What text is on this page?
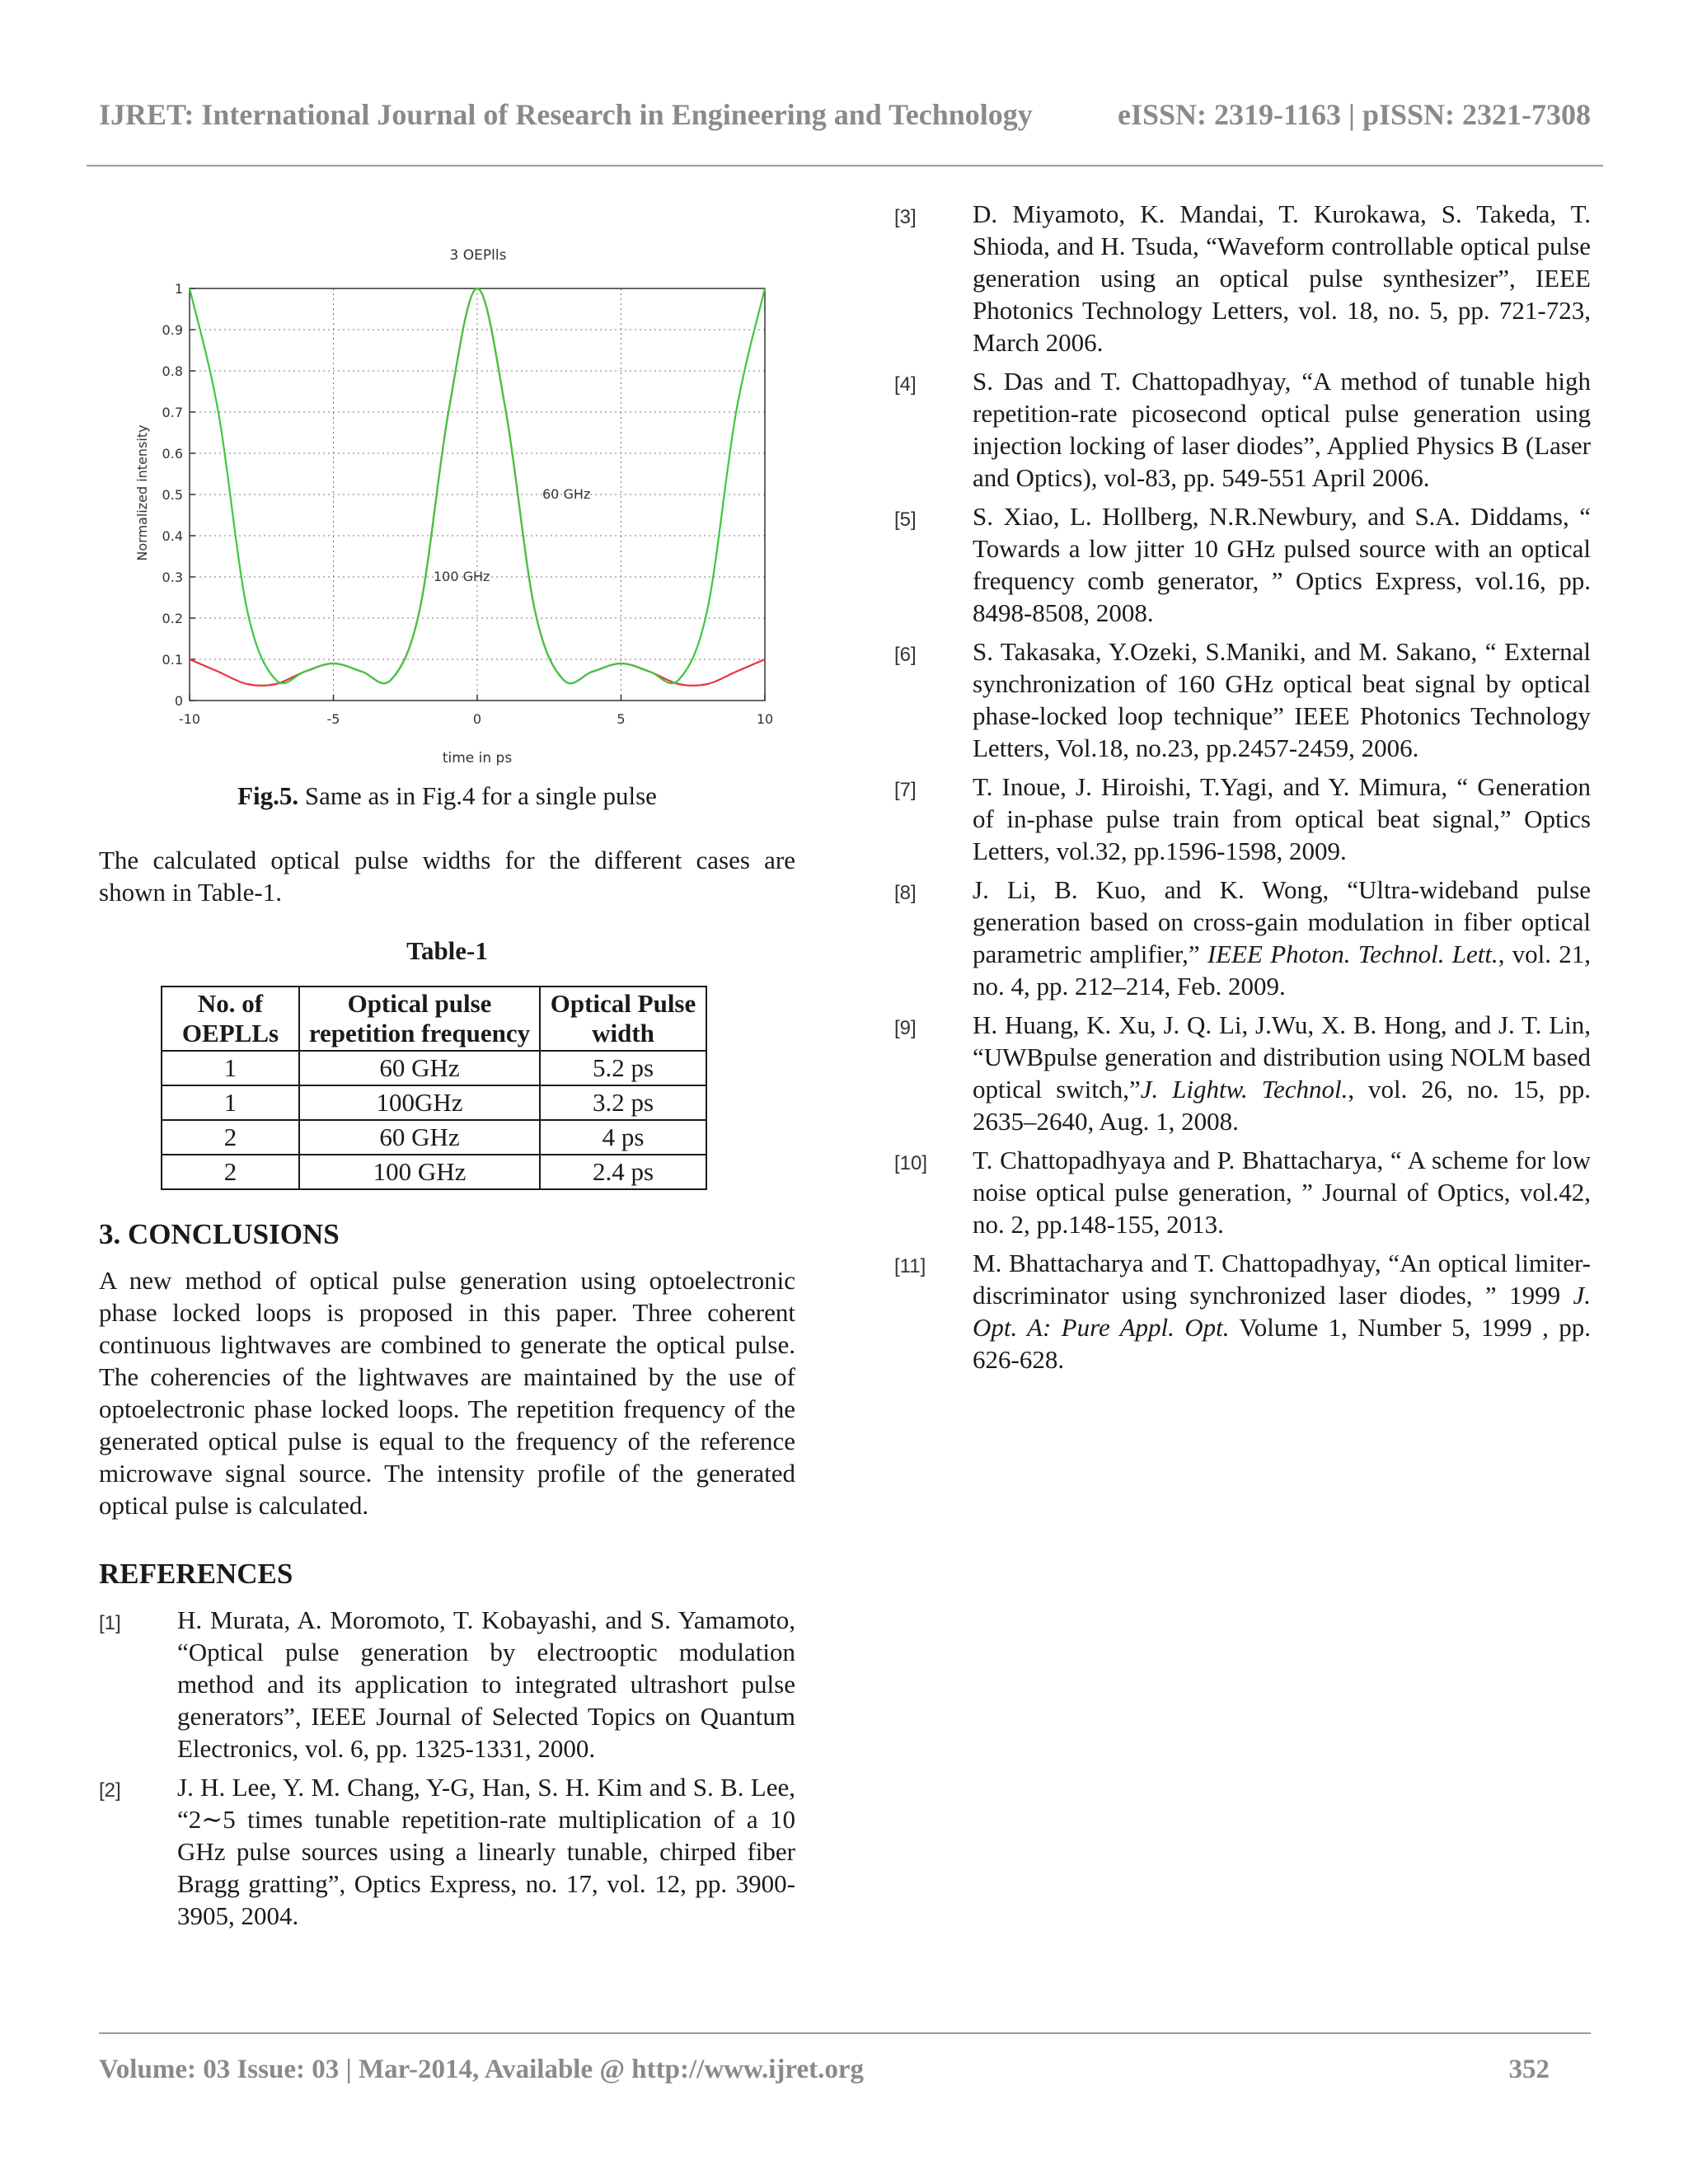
IJRET: International Journal of Research in Engineering and Technology	eISSN: 2319-1163 | pISSN: 2321-7308
3 OEPlls
0
0.1
0.2
0.3
0.4
0.5
0.6
0.7
0.8
0.9
1
-10	-5	0	5	10
60 GHz
100 GHz
time in ps
Normalized intensity
Fig.5. Same as in Fig.4 for a single pulse

The calculated optical pulse widths for the different cases are shown in Table-1.

Table-1
No. of OEPLLs	Optical pulse repetition frequency	Optical Pulse width
1	60 GHz	5.2 ps
1	100GHz	3.2 ps
2	60 GHz	4 ps
2	100 GHz	2.4 ps
3. CONCLUSIONS

A new method of optical pulse generation using optoelectronic phase locked loops is proposed in this paper. Three coherent continuous lightwaves are combined to generate the optical pulse. The coherencies of the lightwaves are maintained by the use of optoelectronic phase locked loops. The repetition frequency of the generated optical pulse is equal to the frequency of the reference microwave signal source. The intensity profile of the generated optical pulse is calculated.

REFERENCES
[1] H. Murata, A. Moromoto, T. Kobayashi, and S. Yamamoto, “Optical pulse generation by electrooptic modulation method and its application to integrated ultrashort pulse generators”, IEEE Journal of Selected Topics on Quantum Electronics, vol. 6, pp. 1325-1331, 2000.
[2] J. H. Lee, Y. M. Chang, Y-G, Han, S. H. Kim and S. B. Lee, “2∼5 times tunable repetition-rate multiplication of a 10 GHz pulse sources using a linearly tunable, chirped fiber Bragg gratting”, Optics Express, no. 17, vol. 12, pp. 3900-3905, 2004.
[3] D. Miyamoto, K. Mandai, T. Kurokawa, S. Takeda, T. Shioda, and H. Tsuda, “Waveform controllable optical pulse generation using an optical pulse synthesizer”, IEEE Photonics Technology Letters, vol. 18, no. 5, pp. 721-723, March 2006.
[4] S. Das and T. Chattopadhyay, “A method of tunable high repetition-rate picosecond optical pulse generation using injection locking of laser diodes”, Applied Physics B (Laser and Optics), vol-83, pp. 549-551 April 2006.
[5] S. Xiao, L. Hollberg, N.R.Newbury, and S.A. Diddams, “ Towards a low jitter 10 GHz pulsed source with an optical frequency comb generator, ” Optics Express, vol.16, pp. 8498-8508, 2008.
[6] S. Takasaka, Y.Ozeki, S.Maniki, and M. Sakano, “ External synchronization of 160 GHz optical beat signal by optical phase-locked loop technique” IEEE Photonics Technology Letters, Vol.18, no.23, pp.2457-2459, 2006.
[7] T. Inoue, J. Hiroishi, T.Yagi, and Y. Mimura, “ Generation of in-phase pulse train from optical beat signal,” Optics Letters, vol.32, pp.1596-1598, 2009.
[8] J. Li, B. Kuo, and K. Wong, “Ultra-wideband pulse generation based on cross-gain modulation in fiber optical parametric amplifier,” IEEE Photon. Technol. Lett., vol. 21, no. 4, pp. 212–214, Feb. 2009.
[9] H. Huang, K. Xu, J. Q. Li, J.Wu, X. B. Hong, and J. T. Lin, “UWBpulse generation and distribution using NOLM based optical switch,”J. Lightw. Technol., vol. 26, no. 15, pp. 2635–2640, Aug. 1, 2008.
[10] T. Chattopadhyaya and P. Bhattacharya, “ A scheme for low noise optical pulse generation, ” Journal of Optics, vol.42, no. 2, pp.148-155, 2013.
[11] M. Bhattacharya and T. Chattopadhyay, “An optical limiter-discriminator using synchronized laser diodes, ” 1999 J. Opt. A: Pure Appl. Opt. Volume 1, Number 5, 1999 , pp. 626-628.
Volume: 03 Issue: 03 | Mar-2014, Available @ http://www.ijret.org	352
